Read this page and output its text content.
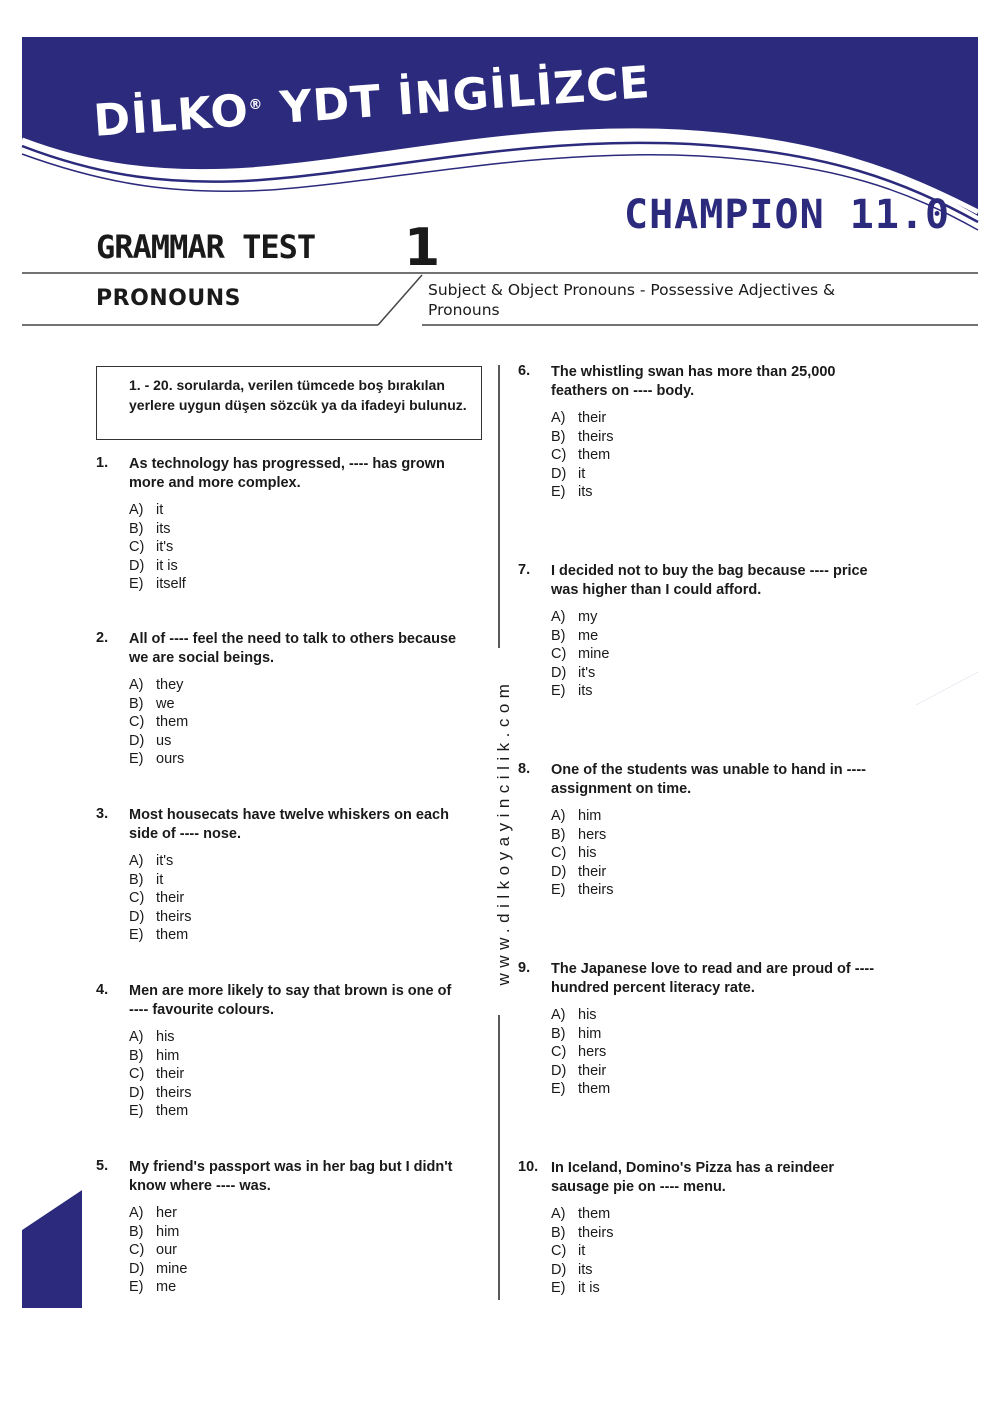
DİLKO® YDT İNGİLİZCE
CHAMPION 11.0
GRAMMAR TEST 1
PRONOUNS	Subject & Object Pronouns - Possessive Adjectives & Pronouns
1. - 20. sorularda, verilen tümcede boş bırakılan yerlere uygun düşen sözcük ya da ifadeyi bulunuz.
1. As technology has progressed, ---- has grown
more and more complex.
A) it
B) its
C) it's
D) it is
E) itself
2. All of ---- feel the need to talk to others because
we are social beings.
A) they
B) we
C) them
D) us
E) ours
3. Most housecats have twelve whiskers on each
side of ---- nose.
A) it's
B) it
C) their
D) theirs
E) them
4. Men are more likely to say that brown is one of
---- favourite colours.
A) his
B) him
C) their
D) theirs
E) them
5. My friend's passport was in her bag but I didn't
know where ---- was.
A) her
B) him
C) our
D) mine
E) me
6. The whistling swan has more than 25,000
feathers on ---- body.
A) their
B) theirs
C) them
D) it
E) its
7. I decided not to buy the bag because ---- price
was higher than I could afford.
A) my
B) me
C) mine
D) it's
E) its
8. One of the students was unable to hand in ----
assignment on time.
A) him
B) hers
C) his
D) their
E) theirs
9. The Japanese love to read and are proud of ----
hundred percent literacy rate.
A) his
B) him
C) hers
D) their
E) them
10. In Iceland, Domino's Pizza has a reindeer
sausage pie on ---- menu.
A) them
B) theirs
C) it
D) its
E) it is
www.dilkoyayincilik.com
www.dilkoyayincilik.com
